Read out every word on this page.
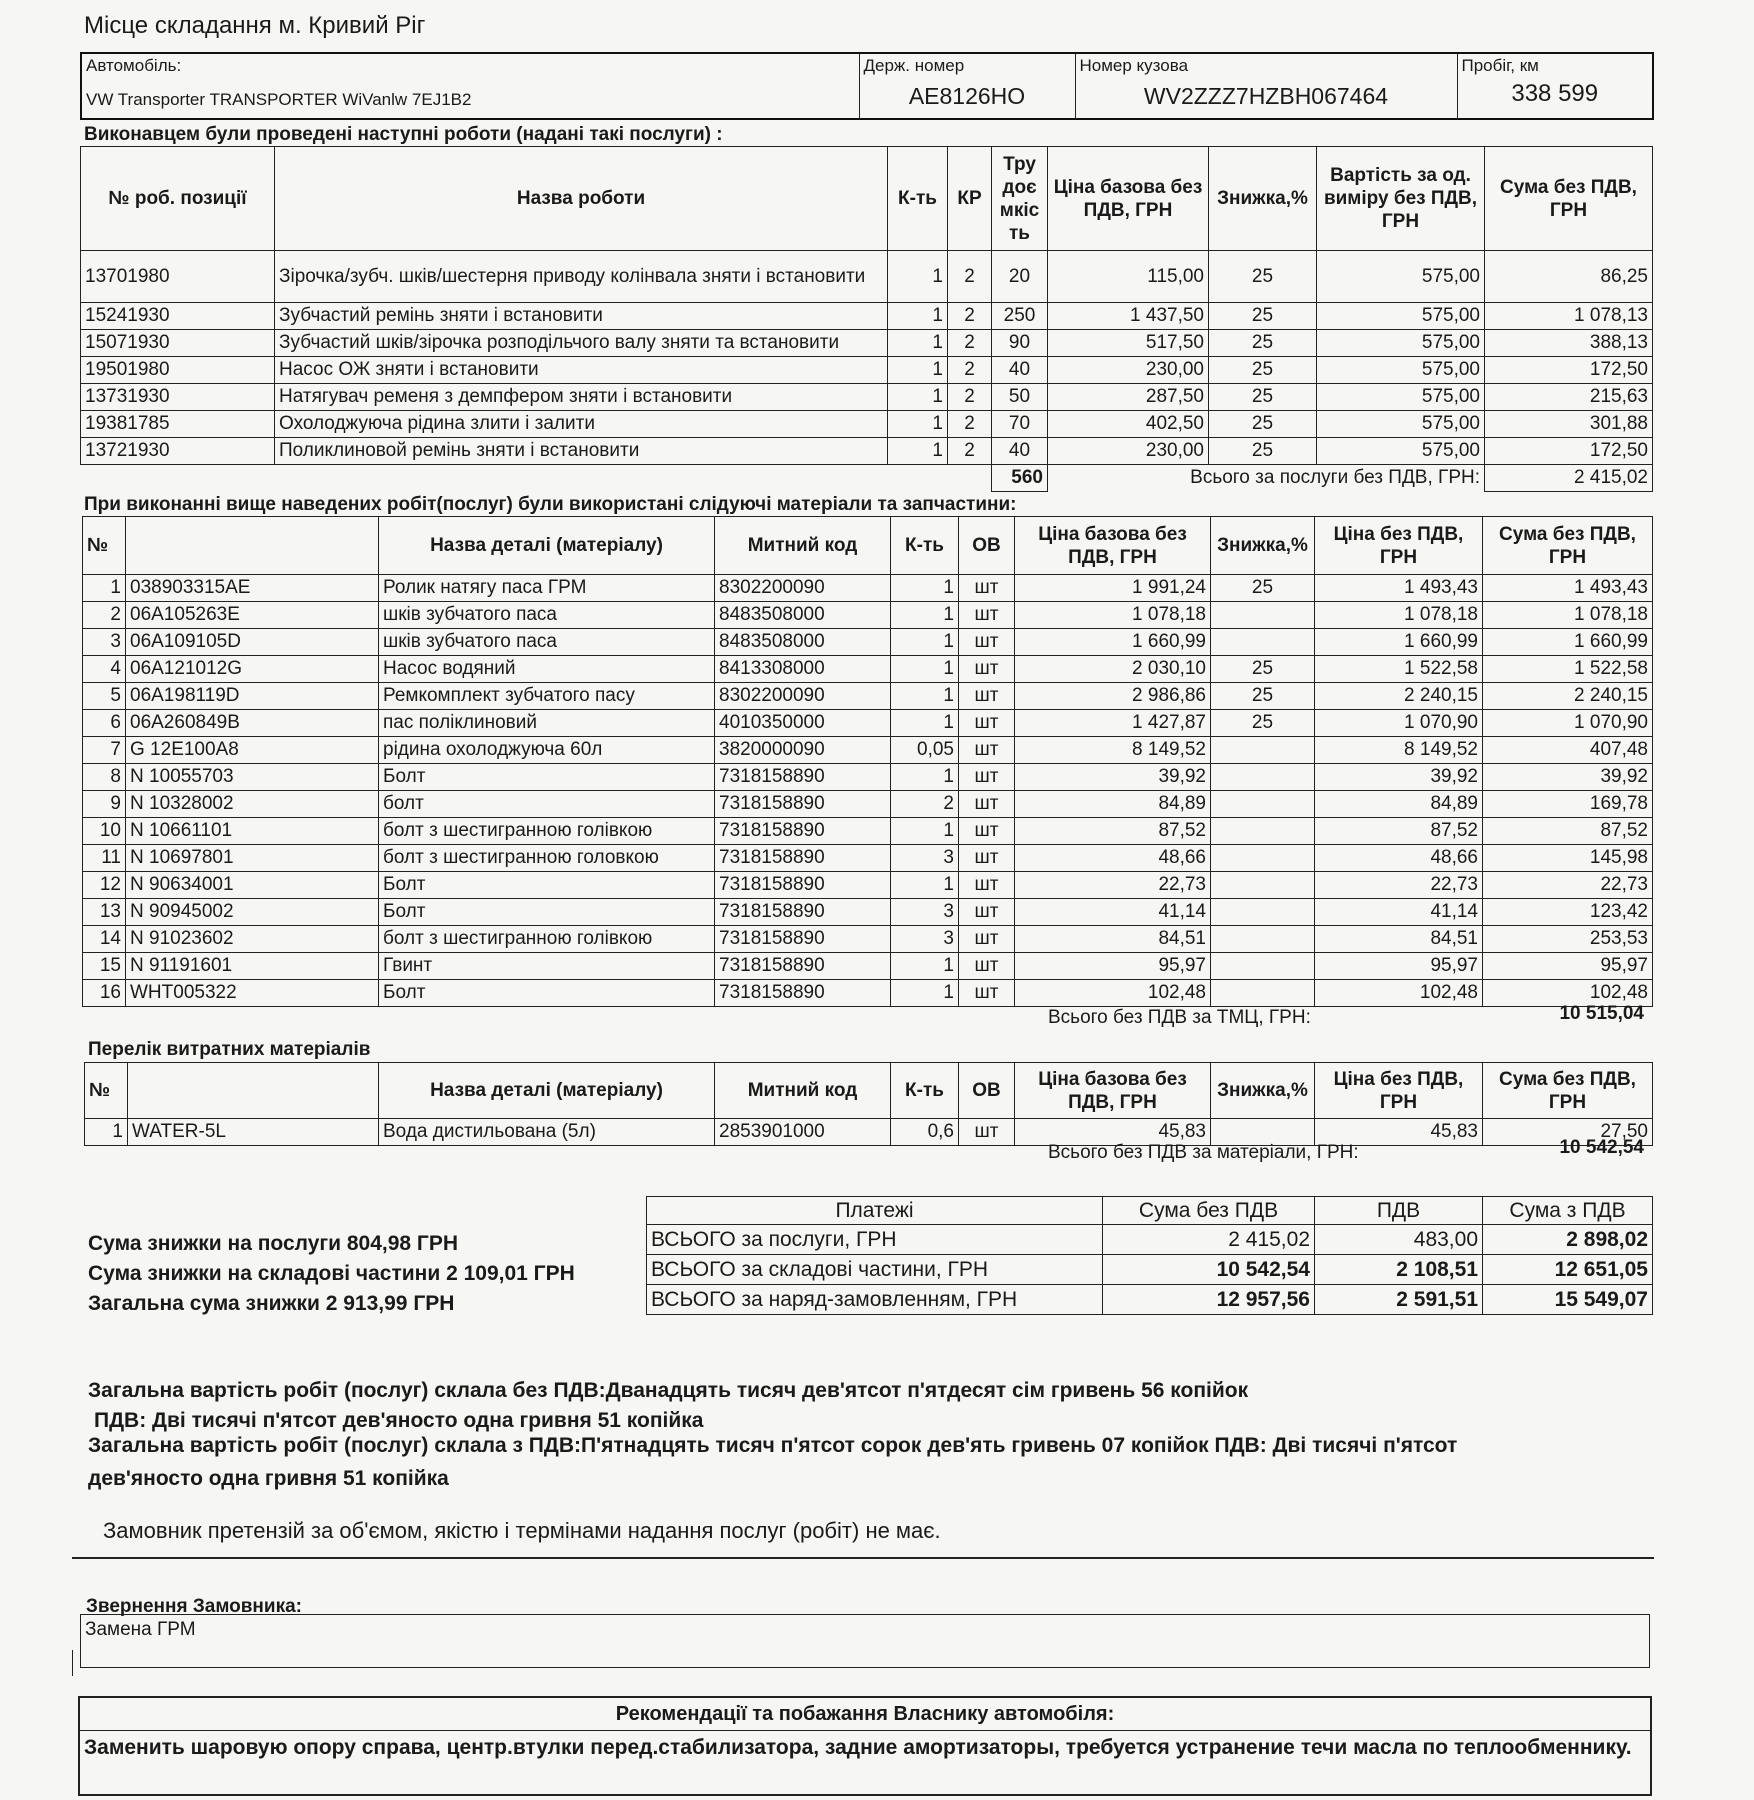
Місце складання м. Кривий Ріг
Автомобіль:
VW Transporter TRANSPORTER WiVanlw 7EJ1B2

Держ. номер
AE8126HO

Номер кузова
WV2ZZZ7HZBH067464

Пробіг, км
338 599
Виконавцем були проведені наступні роботи (надані такі послуги) :
№ роб. позиції	Назва роботи	К-ть	КР	Тру доє мкіс ть	Ціна базова без ПДВ, ГРН	Знижка,%	Вартість за од. виміру без ПДВ, ГРН	Сума без ПДВ, ГРН
13701980	Зірочка/зубч. шків/шестерня приводу колінвала зняти і встановити	1	2	20	115,00	25	575,00	86,25
15241930	Зубчастий ремінь зняти і встановити	1	2	250	1 437,50	25	575,00	1 078,13
15071930	Зубчастий шків/зірочка розподільчого валу зняти та встановити	1	2	90	517,50	25	575,00	388,13
19501980	Насос ОЖ зняти і встановити	1	2	40	230,00	25	575,00	172,50
13731930	Натягувач ременя з демпфером зняти і встановити	1	2	50	287,50	25	575,00	215,63
19381785	Охолоджуюча рідина злити і залити	1	2	70	402,50	25	575,00	301,88
13721930	Поликлиновой ремінь зняти і встановити	1	2	40	230,00	25	575,00	172,50
				560	Всього за послуги без ПДВ, ГРН:			2 415,02
При виконанні вище наведених робіт(послуг) були використані слідуючі матеріали та запчастини:
№		Назва деталі (матеріалу)	Митний код	К-ть	ОВ	Ціна базова без ПДВ, ГРН	Знижка,%	Ціна без ПДВ, ГРН	Сума без ПДВ, ГРН
1	038903315AE	Ролик натягу паса ГРМ	8302200090	1	шт	1 991,24	25	1 493,43	1 493,43
2	06A105263E	шків зубчатого паса	8483508000	1	шт	1 078,18		1 078,18	1 078,18
3	06A109105D	шків зубчатого паса	8483508000	1	шт	1 660,99		1 660,99	1 660,99
4	06A121012G	Насос водяний	8413308000	1	шт	2 030,10	25	1 522,58	1 522,58
5	06A198119D	Ремкомплект зубчатого пасу	8302200090	1	шт	2 986,86	25	2 240,15	2 240,15
6	06A260849B	пас поліклиновий	4010350000	1	шт	1 427,87	25	1 070,90	1 070,90
7	G 12E100A8	рідина охолоджуюча 60л	3820000090	0,05	шт	8 149,52		8 149,52	407,48
8	N 10055703	Болт	7318158890	1	шт	39,92		39,92	39,92
9	N 10328002	болт	7318158890	2	шт	84,89		84,89	169,78
10	N 10661101	болт з шестигранною голівкою	7318158890	1	шт	87,52		87,52	87,52
11	N 10697801	болт з шестигранною головкою	7318158890	3	шт	48,66		48,66	145,98
12	N 90634001	Болт	7318158890	1	шт	22,73		22,73	22,73
13	N 90945002	Болт	7318158890	3	шт	41,14		41,14	123,42
14	N 91023602	болт з шестигранною голівкою	7318158890	3	шт	84,51		84,51	253,53
15	N 91191601	Гвинт	7318158890	1	шт	95,97		95,97	95,97
16	WHT005322	Болт	7318158890	1	шт	102,48		102,48	102,48
Всього без ПДВ за ТМЦ, ГРН:	10 515,04
Перелік витратних матеріалів
№		Назва деталі (матеріалу)	Митний код	К-ть	ОВ	Ціна базова без ПДВ, ГРН	Знижка,%	Ціна без ПДВ, ГРН	Сума без ПДВ, ГРН
1	WATER-5L	Вода дистильована (5л)	2853901000	0,6	шт	45,83		45,83	27,50
Всього без ПДВ за матеріали, ГРН:	10 542,54
Сума знижки на послуги 804,98 ГРН
Сума знижки на складові частини 2 109,01 ГРН
Загальна сума знижки 2 913,99 ГРН
Платежі	Сума без ПДВ	ПДВ	Сума з ПДВ
ВСЬОГО за послуги, ГРН	2 415,02	483,00	2 898,02
ВСЬОГО за складові частини, ГРН	10 542,54	2 108,51	12 651,05
ВСЬОГО за наряд-замовленням, ГРН	12 957,56	2 591,51	15 549,07
Загальна вартість робіт (послуг) склала без ПДВ:Дванадцять тисяч дев'ятсот п'ятдесят сім гривень 56 копійок
ПДВ: Дві тисячі п'ятсот дев'яносто одна гривня 51 копійка
Загальна вартість робіт (послуг) склала з ПДВ:П'ятнадцять тисяч п'ятсот сорок дев'ять гривень 07 копійок ПДВ: Дві тисячі п'ятсот
дев'яносто одна гривня 51 копійка
Замовник претензій за об'ємом, якістю і термінами надання послуг (робіт) не має.
Звернення Замовника:
Замена ГРМ
Рекомендації та побажання Власнику автомобіля:
Заменить шаровую опору справа, центр.втулки перед.стабилизатора, задние амортизаторы, требуется устранение течи масла по теплообменнику.
